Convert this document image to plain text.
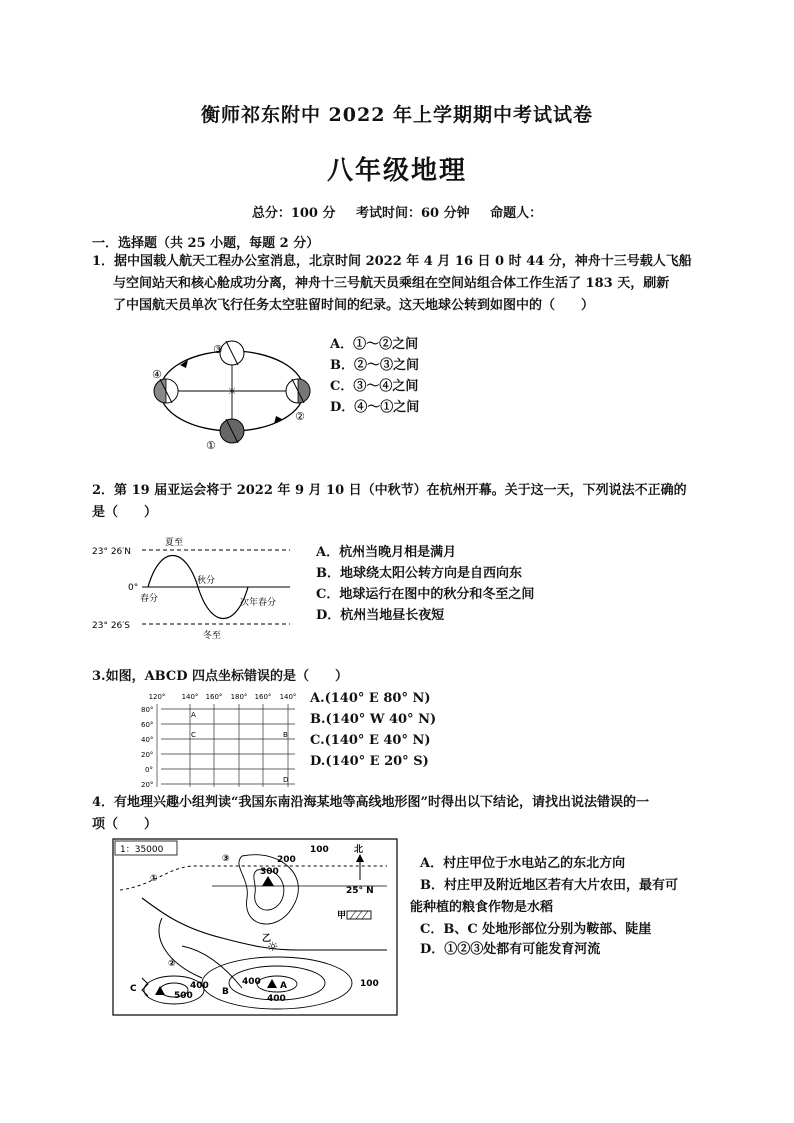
衡师祁东附中 2022 年上学期期中考试试卷
八年级地理
总分：100 分 考试时间：60 分钟 命题人：
一．选择题（共 25 小题，每题 2 分）
1．据中国载人航天工程办公室消息，北京时间 2022 年 4 月 16 日 0 时 44 分，神舟十三号载人飞船
与空间站天和核心舱成功分离，神舟十三号航天员乘组在空间站组合体工作生活了 183 天，刷新
了中国航天员单次飞行任务太空驻留时间的纪录。这天地球公转到如图中的（　　）
☼
③
①
④
②
A．①～②之间
B．②～③之间
C．③～④之间
D．④～①之间
2．第 19 届亚运会将于 2022 年 9 月 10 日（中秋节）在杭州开幕。关于这一天，下列说法不正确的
是（　　）
23° 26′N
0°
23° 26′S
夏至
秋分
春分
冬至
次年春分
A．杭州当晚月相是满月
B．地球绕太阳公转方向是自西向东
C．地球运行在图中的秋分和冬至之间
D．杭州当地昼长夜短
3.如图，ABCD 四点坐标错误的是（　　）
120° 140° 160° 180° 160° 140°
80°
60°
40°
20°
0°
20°
A
B
C
D
A.(140° E 80° N)
B.(140° W 40° N)
C.(140° E 40° N)
D.(140° E 20° S)
4．有地理兴趣小组判读“我国东南沿海某地等高线地形图”时得出以下结论，请找出说法错误的一
项（　　）
1：35000
☼
北
25° N
甲
乙
100
200
300
400	400
500	400
100
A
B
C
①
②
③	A．村庄甲位于水电站乙的东北方向
B．村庄甲及附近地区若有大片农田，最有可
能种植的粮食作物是水稻
C．B、C 处地形部位分别为鞍部、陡崖
D．①②③处都有可能发育河流
